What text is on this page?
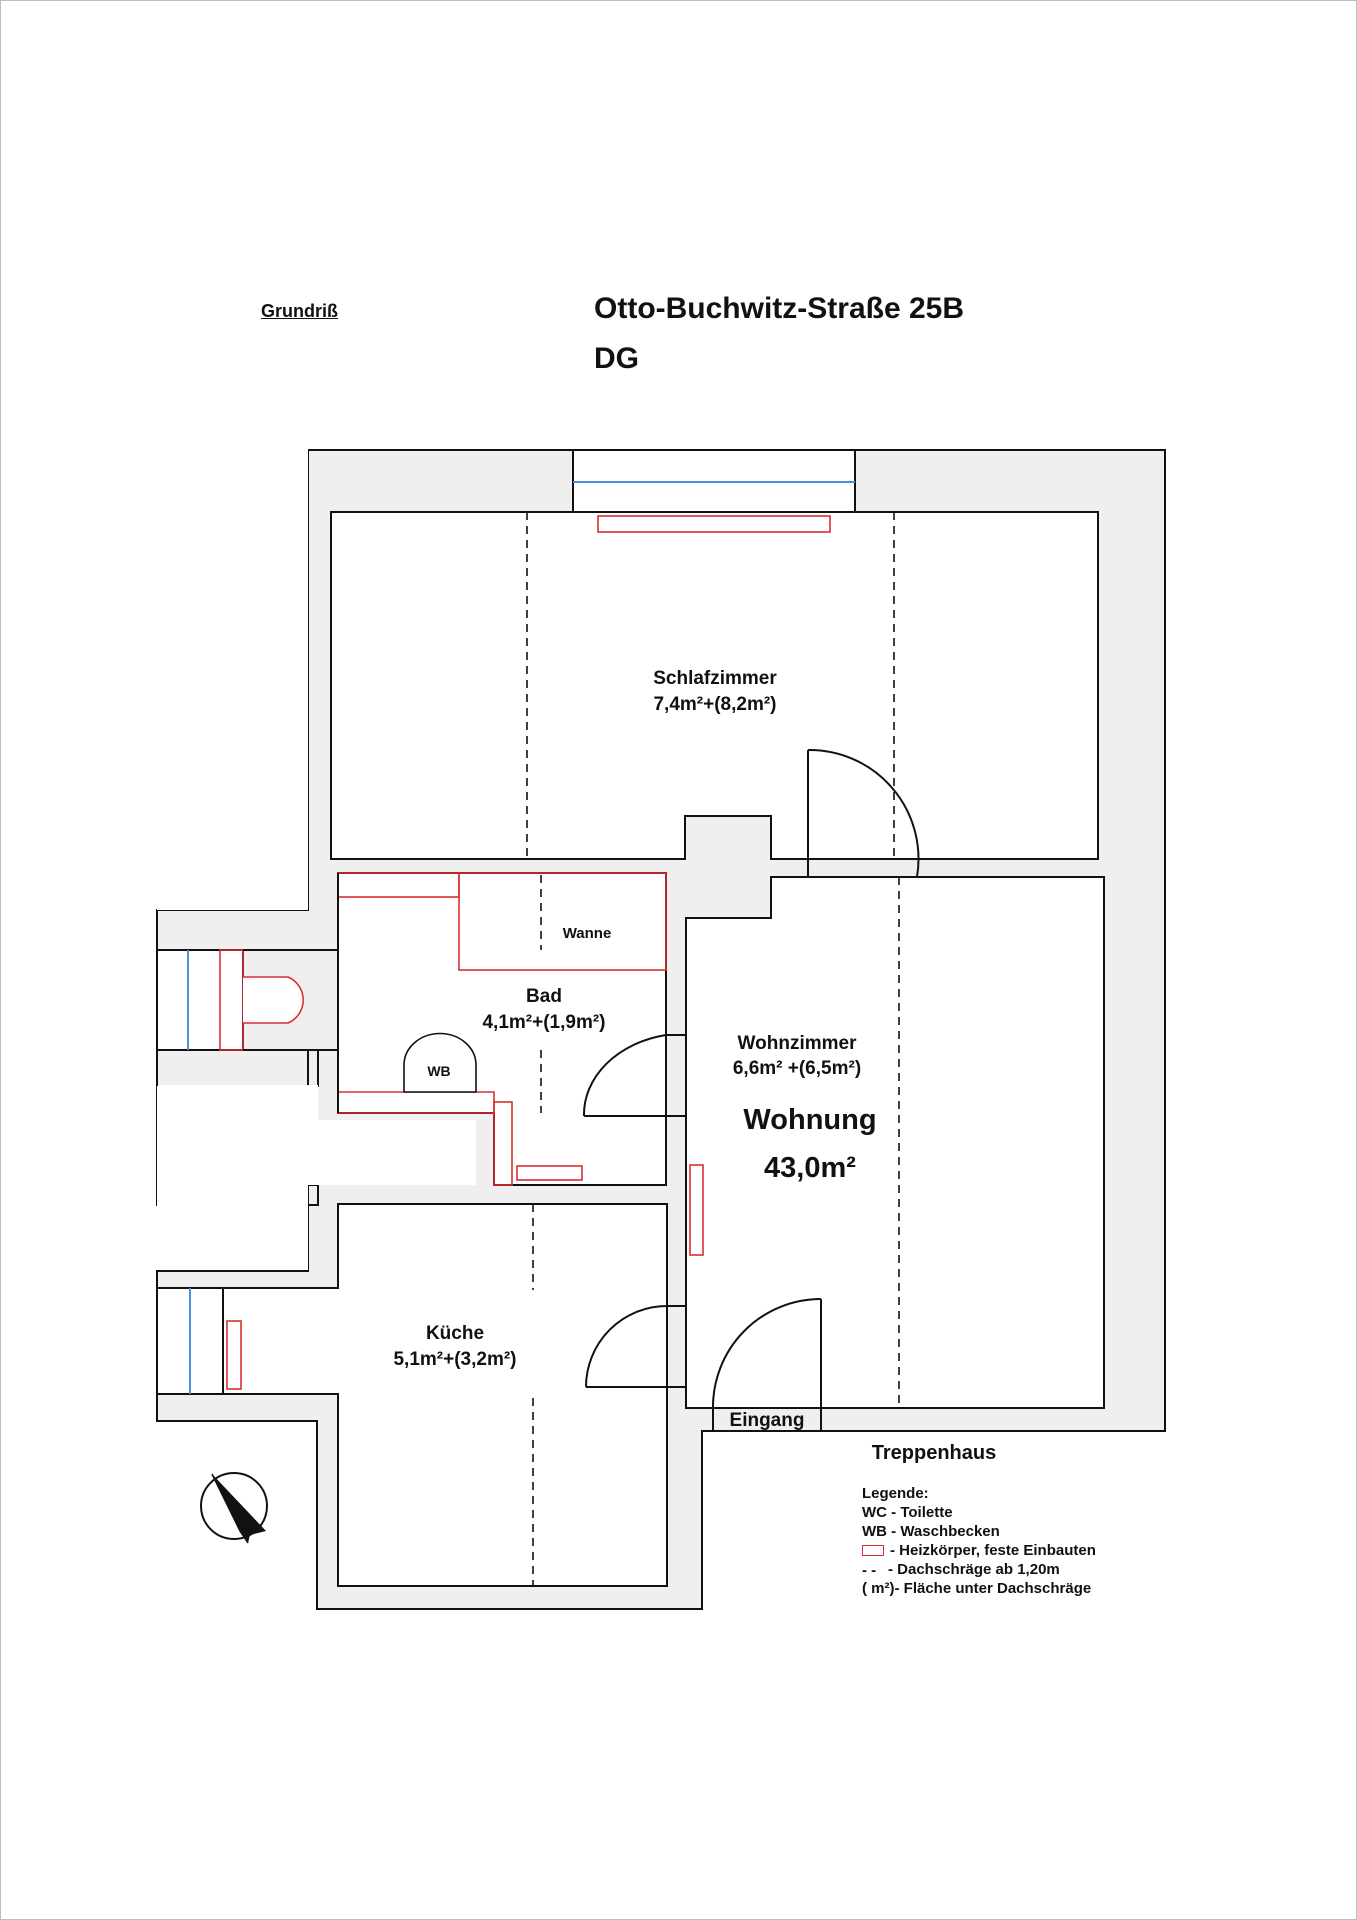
Grundriß	Otto-Buchwitz-Straße 25B
DG
Schlafzimmer
7,4m²+(8,2m²)
Wanne
Bad
4,1m²+(1,9m²)
WB
Wohnzimmer
6,6m² +(6,5m²)
Wohnung
43,0m²
Küche
5,1m²+(3,2m²)
Eingang
Treppenhaus
Legende:
WC - Toilette
WB - Waschbecken
- Heizkörper, feste Einbauten
- - - Dachschräge ab 1,20m
( m²)- Fläche unter Dachschräge
